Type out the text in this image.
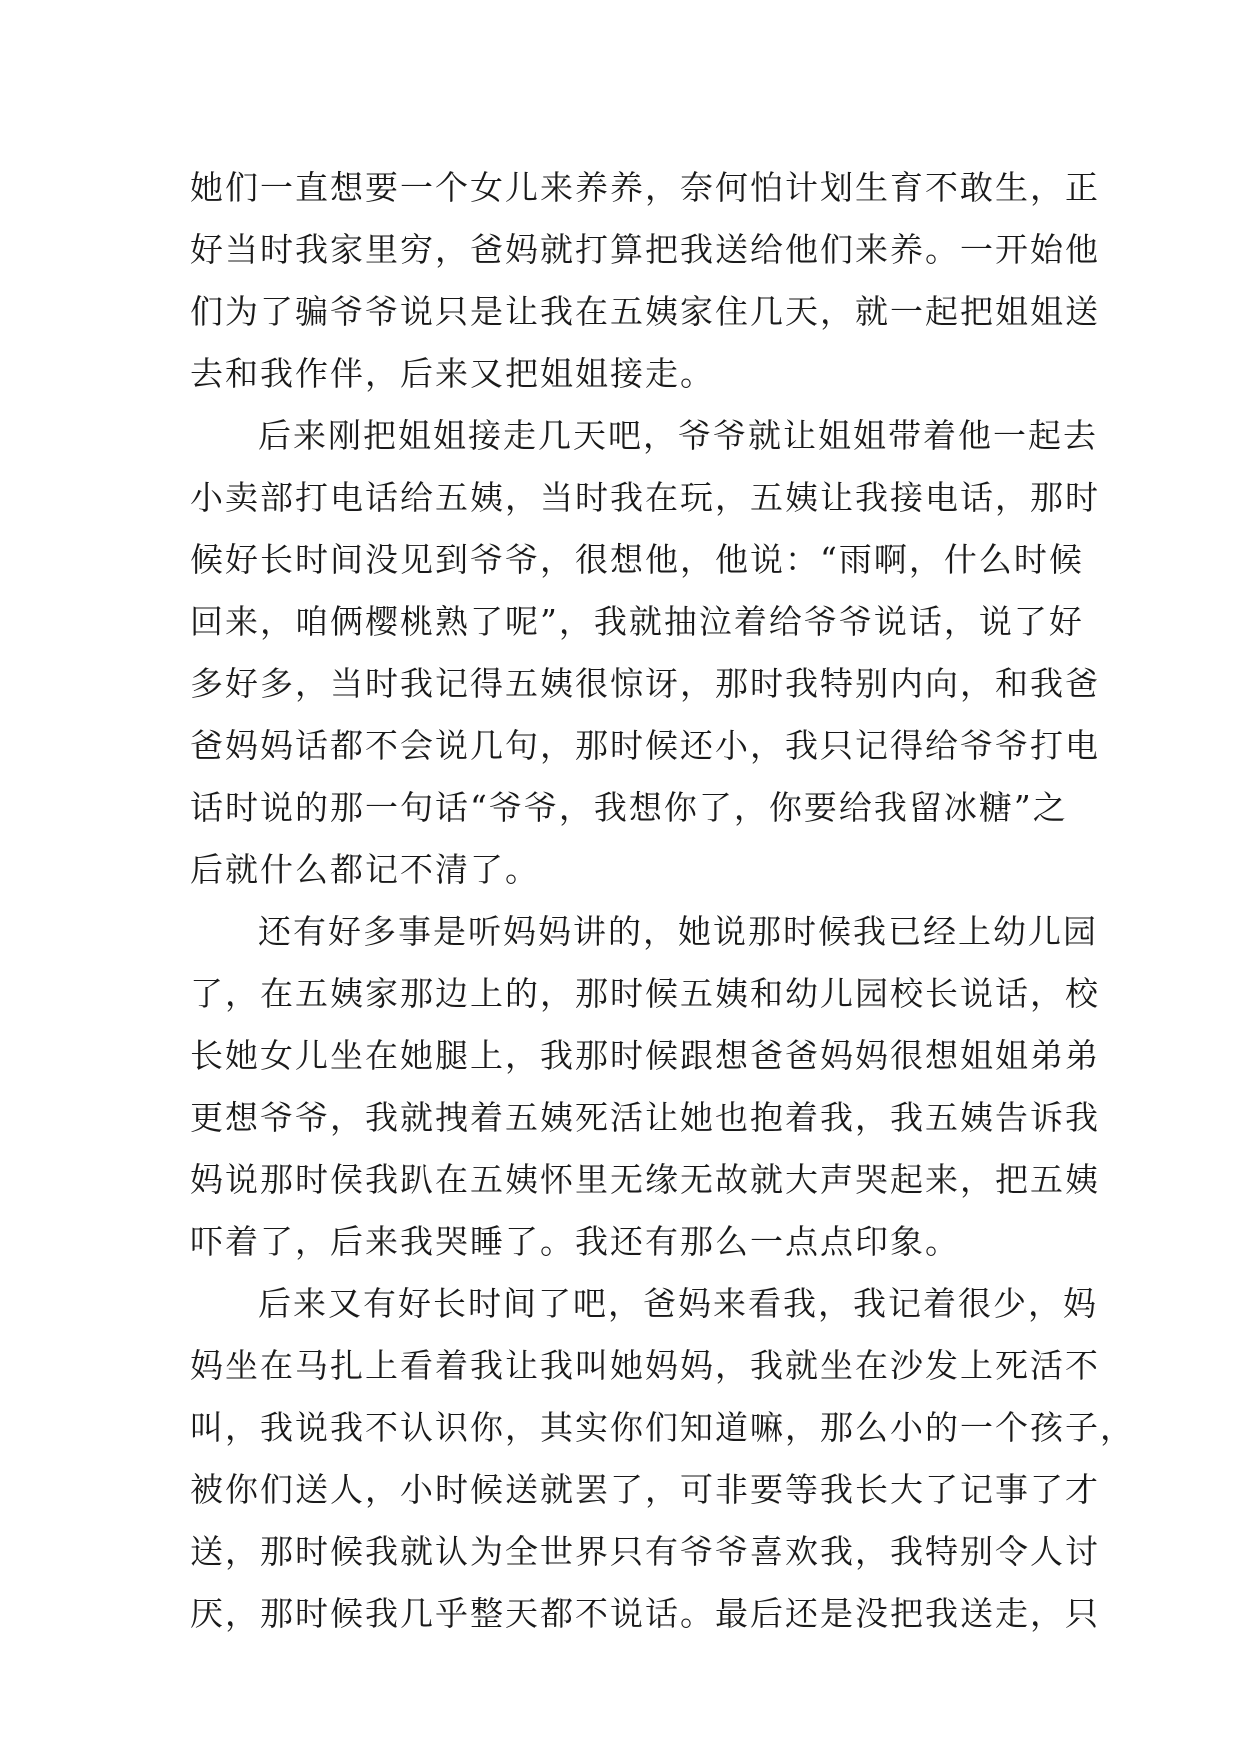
她们一直想要一个女儿来养养，奈何怕计划生育不敢生，正
好当时我家里穷，爸妈就打算把我送给他们来养。一开始他
们为了骗爷爷说只是让我在五姨家住几天，就一起把姐姐送
去和我作伴，后来又把姐姐接走。
后来刚把姐姐接走几天吧，爷爷就让姐姐带着他一起去
小卖部打电话给五姨，当时我在玩，五姨让我接电话，那时
候好长时间没见到爷爷，很想他，他说：“雨啊，什么时候
回来，咱俩樱桃熟了呢”，我就抽泣着给爷爷说话，说了好
多好多，当时我记得五姨很惊讶，那时我特别内向，和我爸
爸妈妈话都不会说几句，那时候还小，我只记得给爷爷打电
话时说的那一句话“爷爷，我想你了，你要给我留冰糖”之
后就什么都记不清了。
还有好多事是听妈妈讲的，她说那时候我已经上幼儿园
了，在五姨家那边上的，那时候五姨和幼儿园校长说话，校
长她女儿坐在她腿上，我那时候跟想爸爸妈妈很想姐姐弟弟
更想爷爷，我就拽着五姨死活让她也抱着我，我五姨告诉我
妈说那时侯我趴在五姨怀里无缘无故就大声哭起来，把五姨
吓着了，后来我哭睡了。我还有那么一点点印象。
后来又有好长时间了吧，爸妈来看我，我记着很少，妈
妈坐在马扎上看着我让我叫她妈妈，我就坐在沙发上死活不
叫，我说我不认识你，其实你们知道嘛，那么小的一个孩子，
被你们送人，小时候送就罢了，可非要等我长大了记事了才
送，那时候我就认为全世界只有爷爷喜欢我，我特别令人讨
厌，那时候我几乎整天都不说话。最后还是没把我送走，只
